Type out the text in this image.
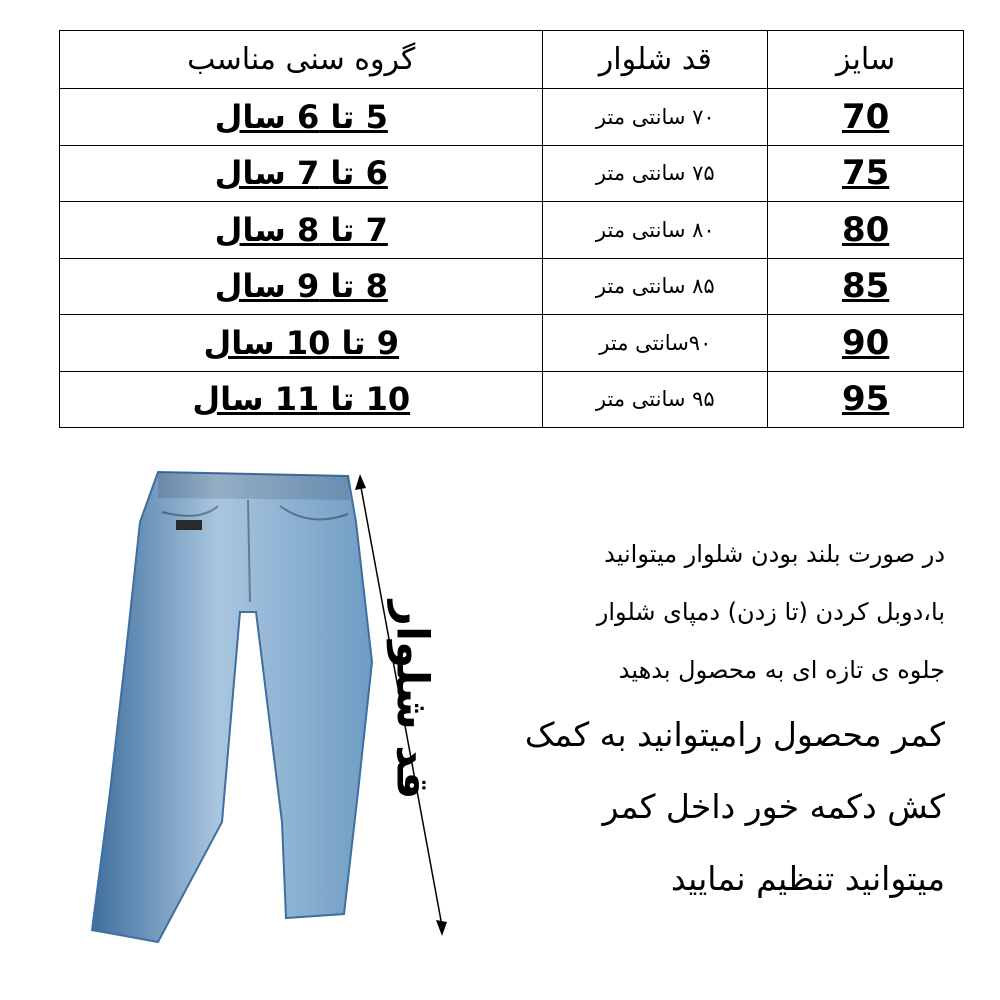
سایز	قد شلوار	گروه سنی مناسب
70	۷۰ سانتی متر	5 تا 6 سال
75	۷۵ سانتی متر	6 تا 7 سال
80	۸۰ سانتی متر	7 تا 8 سال
85	۸۵ سانتی متر	8 تا 9 سال
90	۹۰سانتی متر	9 تا 10 سال
95	۹۵ سانتی متر	10 تا 11 سال
قد شلوار

در صورت بلند بودن شلوار میتوانید

با،دوبل کردن (تا زدن) دمپای شلوار

جلوه ی تازه ای به محصول بدهید

کمر محصول رامیتوانید به کمک

کش دکمه خور داخل کمر

میتوانید تنظیم نمایید
